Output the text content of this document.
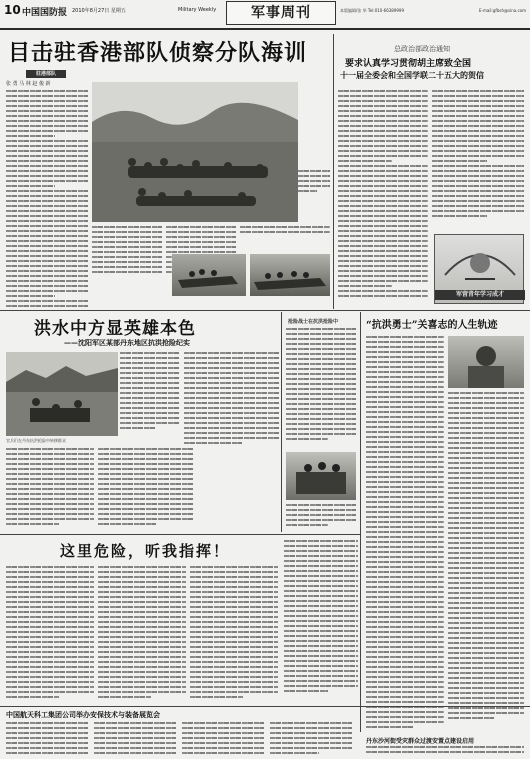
10 中国国防报 2010年8月27日 星期五	Military Weekly	军事周刊	本版编辑/张 华 Tel:010-66389999	E-mail:gfbsh@sina.com
目击驻香港部队侦察分队海训
驻港部队
张 勇 马 林 赵 俊 新
总政治部政治通知
要求认真学习贯彻胡主席致全国
十一届全委会和全国学联二十五大的贺信
军营青年学习成才
洪水中方显英雄本色
——沈阳军区某部丹东地区抗洪抢险纪实
官兵们在丹东抗洪抢险中转移群众
抢险战士在抗洪抢险中	“抗洪勇士”关喜志的人生轨迹
这里危险，听我指挥！
中国航天科工集团公司举办安保技术与装备展览会
丹东沙河街受灾群众过渡安置点建设启用
